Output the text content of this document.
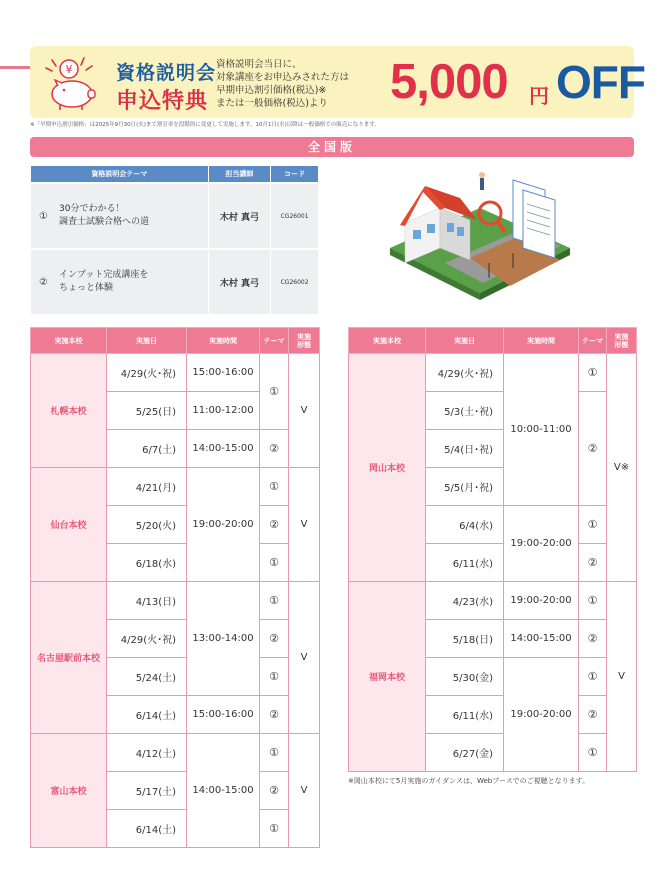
¥ 資格説明会
申込特典
資格説明会当日に、
対象講座をお申込みされた方は
早期申込割引価格(税込)※
または一般価格(税込)より	5,000 円 OFF
※「早期申込割引価格」は2025年9月30日(火)まで割引率を段階的に変更して実施します。10月1日(水)以降は一般価格での販売になります。
全国版
資格説明会テーマ	担当講師	コード
①30分でわかる！
調査士試験合格への道	木村 真弓	CG26001
②インプット完成講座を
ちょっと体験	木村 真弓	CG26002
実施本校	実施日	実施時間	テーマ	実施
形態
札幌本校	4/29(火･祝)	15:00-16:00	①	V
	5/25(日)	11:00-12:00		
	6/7(土)	14:00-15:00	②	
仙台本校	4/21(月)	19:00-20:00	①	V
	5/20(火)		②	
	6/18(水)		①	
名古屋駅前本校	4/13(日)	13:00-14:00	①	V
	4/29(火･祝)		②	
	5/24(土)		①	
	6/14(土)	15:00-16:00	②	
富山本校	4/12(土)	14:00-15:00	①	V
	5/17(土)		②	
	6/14(土)		①	
実施本校	実施日	実施時間	テーマ	実施
形態
岡山本校	4/29(火･祝)	10:00-11:00	①	V※
	5/3(土･祝)		②	
	5/4(日･祝)			
	5/5(月･祝)			
	6/4(水)	19:00-20:00	①	
	6/11(水)		②	
福岡本校	4/23(水)	19:00-20:00	①	V
	5/18(日)	14:00-15:00	②	
	5/30(金)	19:00-20:00	①	
	6/11(水)		②	
	6/27(金)		①	
※岡山本校にて5月実施のガイダンスは、Webブースでのご視聴となります。
